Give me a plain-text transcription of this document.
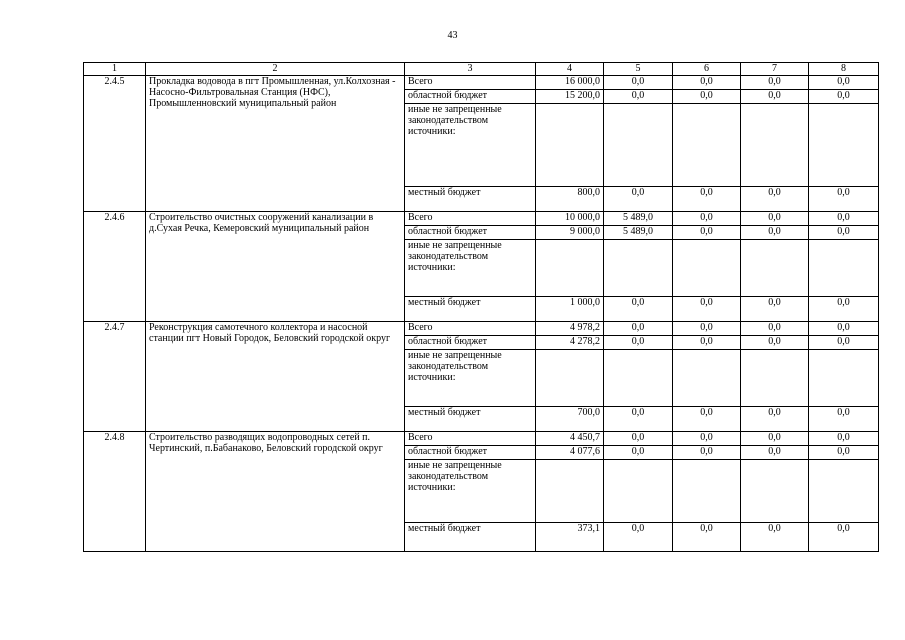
43
1	2	3	4	5	6	7	8
2.4.5	Прокладка водовода в пгт Промышленная, ул.Колхозная - Насосно-Фильтровальная Станция (НФС), Промышленновский муниципальный район	Всего	16 000,0	0,0	0,0	0,0	0,0
		областной бюджет	15 200,0	0,0	0,0	0,0	0,0
		иные не запрещенные законодательством источники:					
		местный бюджет	800,0	0,0	0,0	0,0	0,0
2.4.6	Строительство очистных сооружений канализации в д.Сухая Речка, Кемеровский муниципальный район	Всего	10 000,0	5 489,0	0,0	0,0	0,0
		областной бюджет	9 000,0	5 489,0	0,0	0,0	0,0
		иные не запрещенные законодательством источники:					
		местный бюджет	1 000,0	0,0	0,0	0,0	0,0
2.4.7	Реконструкция самотечного коллектора и насосной станции пгт Новый Городок, Беловский городской округ	Всего	4 978,2	0,0	0,0	0,0	0,0
		областной бюджет	4 278,2	0,0	0,0	0,0	0,0
		иные не запрещенные законодательством источники:					
		местный бюджет	700,0	0,0	0,0	0,0	0,0
2.4.8	Строительство разводящих водопроводных сетей п. Чертинский, п.Бабанаково, Беловский городской округ	Всего	4 450,7	0,0	0,0	0,0	0,0
		областной бюджет	4 077,6	0,0	0,0	0,0	0,0
		иные не запрещенные законодательством источники:					
		местный бюджет	373,1	0,0	0,0	0,0	0,0
